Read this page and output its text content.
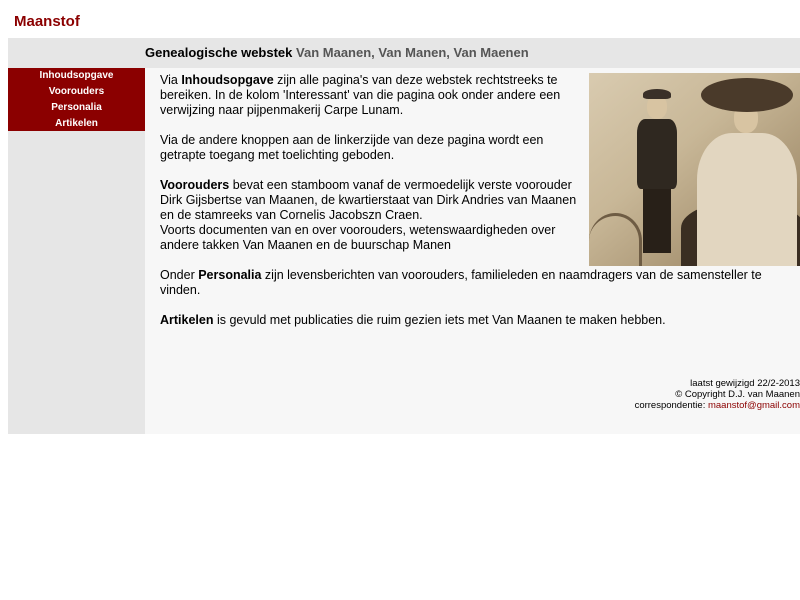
Maanstof
Genealogische webstek Van Maanen, Van Manen, Van Maenen
Inhoudsopgave
Voorouders
Personalia
Artikelen

Via Inhoudsopgave zijn alle pagina's van deze webstek rechtstreeks te bereiken. In de kolom 'Interessant' van die pagina ook onder andere een verwijzing naar pijpenmakerij Carpe Lunam.

Via de andere knoppen aan de linkerzijde van deze pagina wordt een getrapte toegang met toelichting geboden.

Voorouders bevat een stamboom vanaf de vermoedelijk verste voorouder Dirk Gijsbertse van Maanen, de kwartierstaat van Dirk Andries van Maanen en de stamreeks van Cornelis Jacobszn Craen.
Voorts documenten van en over voorouders, wetenswaardigheden over andere takken Van Maanen en de buurschap Manen

Onder Personalia zijn levensberichten van voorouders, familieleden en naamdragers van de samensteller te vinden.

Artikelen is gevuld met publicaties die ruim gezien iets met Van Maanen te maken hebben.

laatst gewijzigd 22/2-2013
© Copyright D.J. van Maanen
correspondentie: maanstof@gmail.com
